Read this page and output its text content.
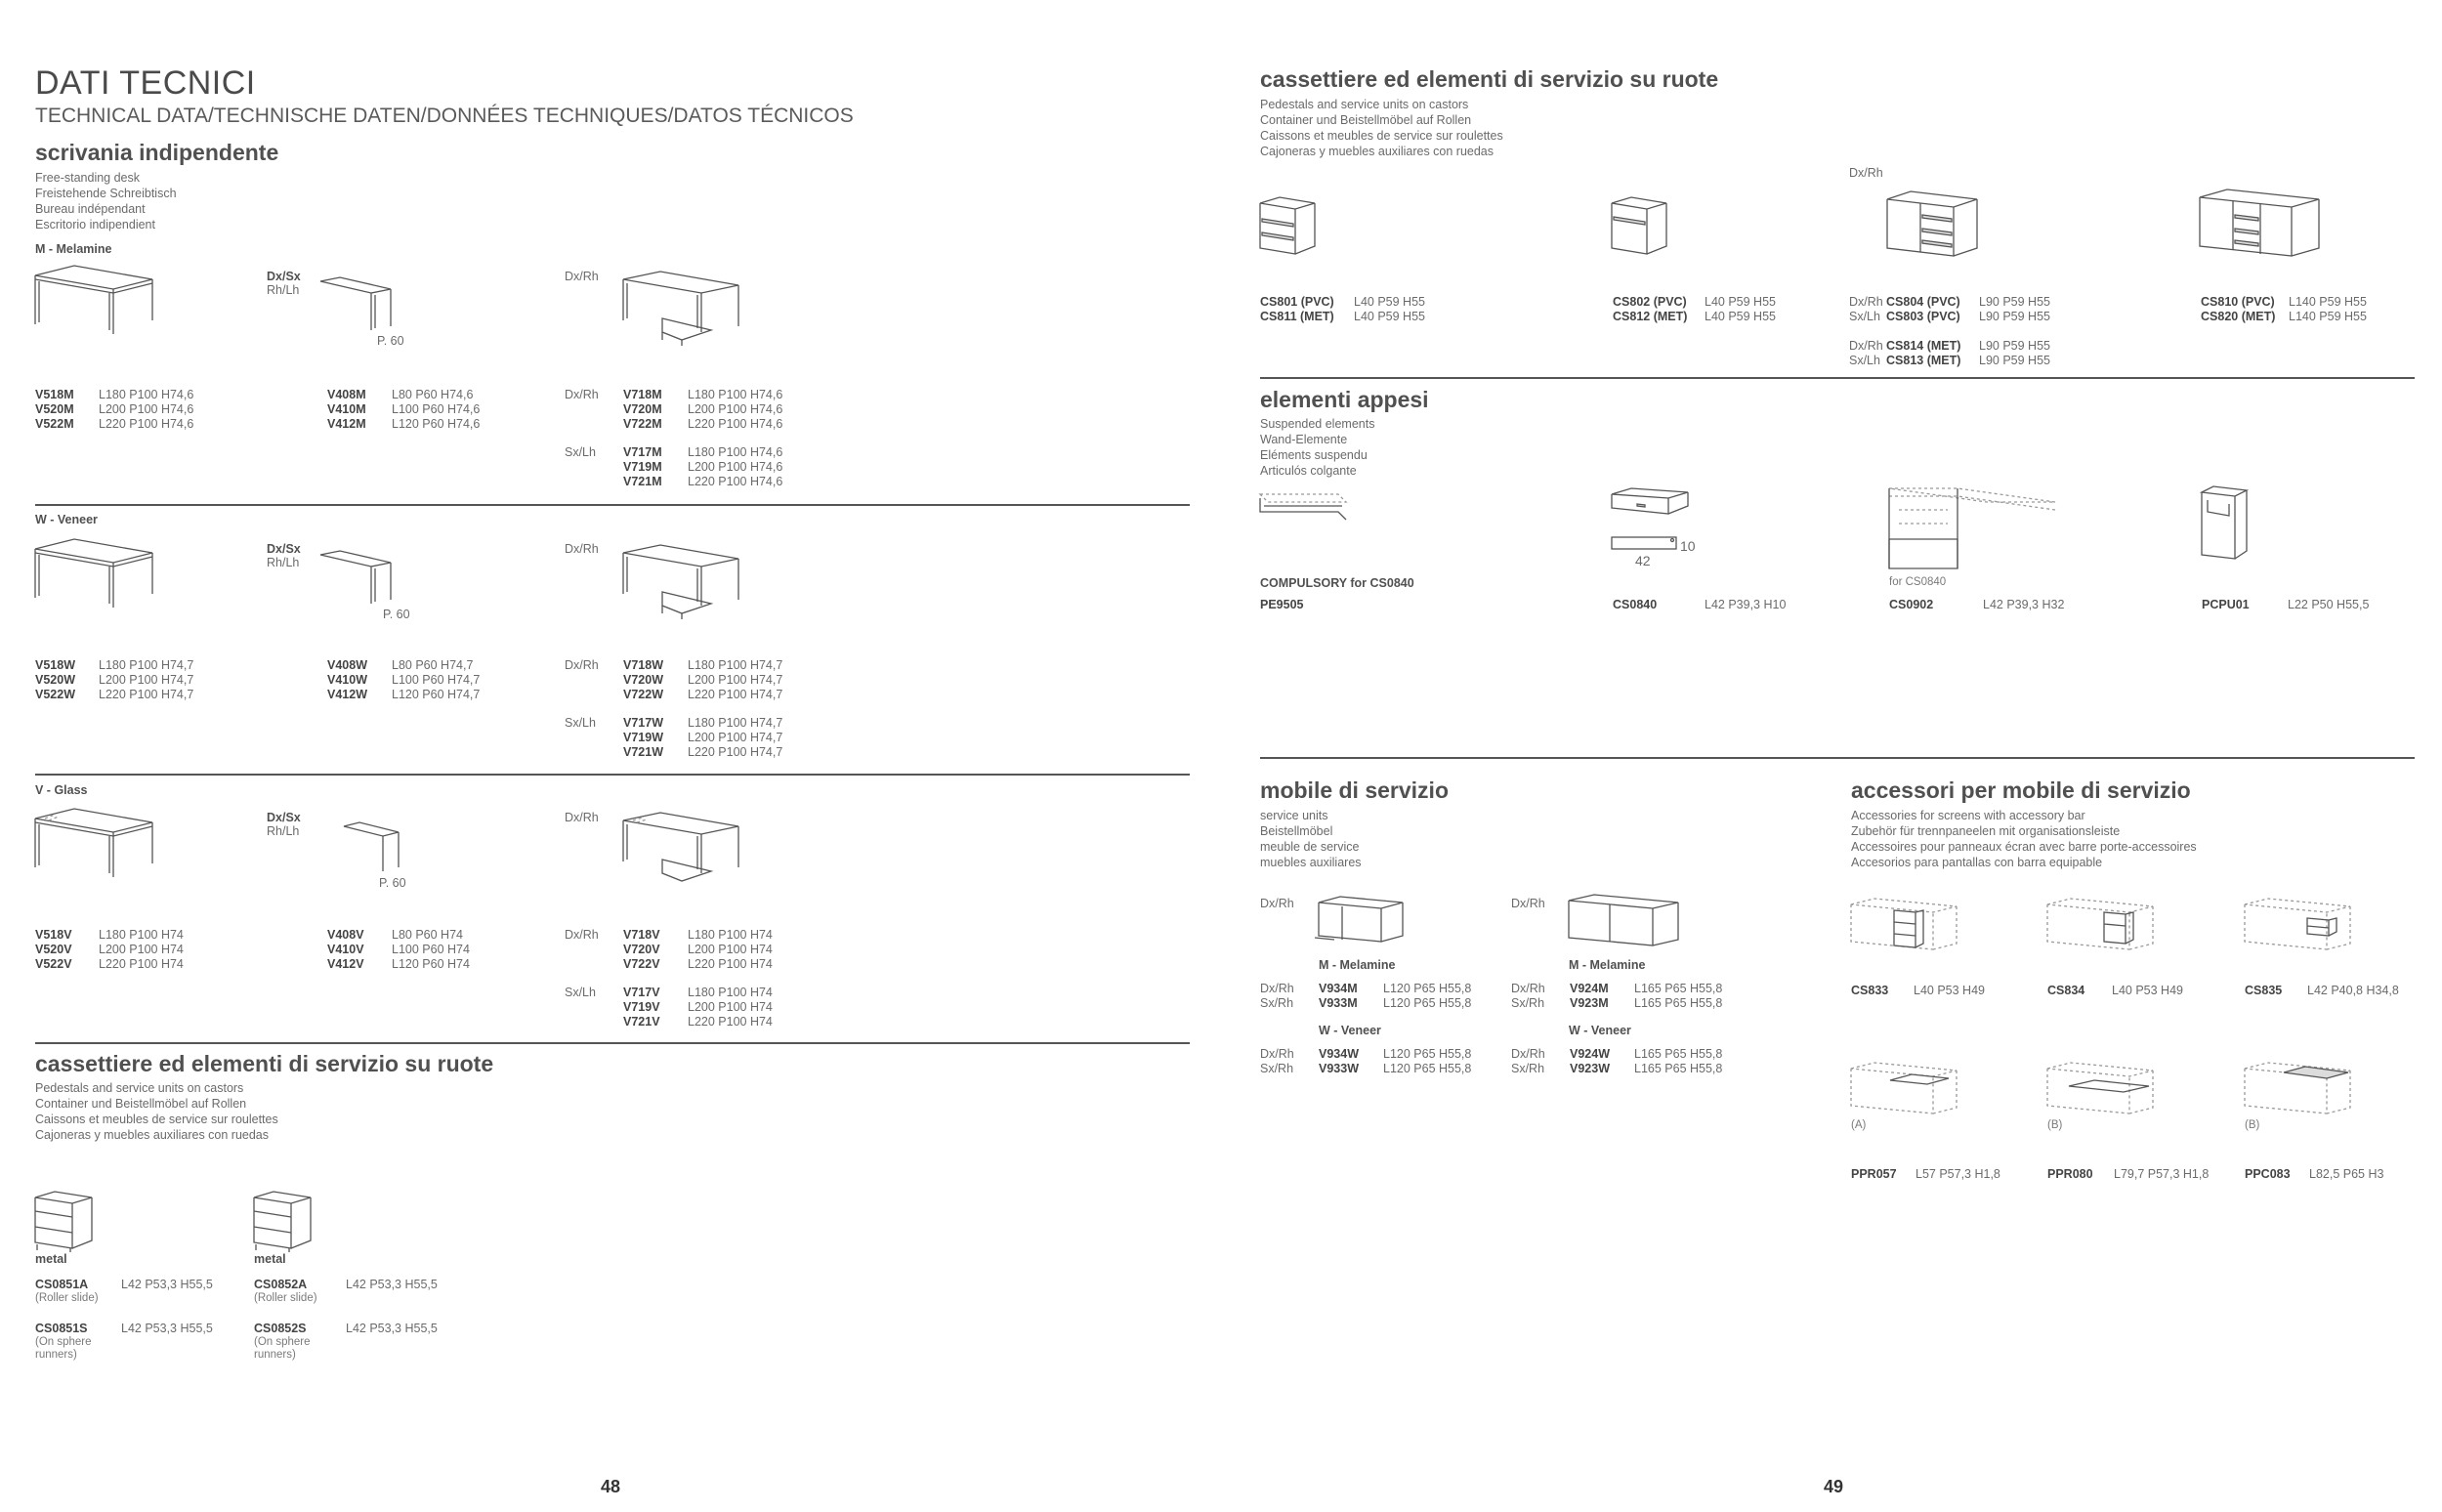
DATI TECNICI
TECHNICAL DATA/TECHNISCHE DATEN/DONNÉES TECHNIQUES/DATOS TÉCNICOS
scrivania indipendente
Free-standing desk
Freistehende Schreibtisch
Bureau indépendant
Escritorio indipendient
M - Melamine
Dx/Sx
Rh/Lh
P. 60
Dx/Rh
V518M	L180 P100 H74,6
V520M	L200 P100 H74,6
V522M	L220 P100 H74,6
V408M	L80 P60 H74,6
V410M	L100 P60 H74,6
V412M	L120 P60 H74,6
Dx/Rh V718M	L180 P100 H74,6
V720M	L200 P100 H74,6
V722M	L220 P100 H74,6
Sx/Lh V717M	L180 P100 H74,6
V719M	L200 P100 H74,6
V721M	L220 P100 H74,6
W - Veneer
Dx/Sx
Rh/Lh
P. 60
Dx/Rh
V518W	L180 P100 H74,7
V520W	L200 P100 H74,7
V522W	L220 P100 H74,7
V408W	L80 P60 H74,7
V410W	L100 P60 H74,7
V412W	L120 P60 H74,7
Dx/Rh V718W	L180 P100 H74,7
V720W	L200 P100 H74,7
V722W	L220 P100 H74,7
Sx/Lh V717W	L180 P100 H74,7
V719W	L200 P100 H74,7
V721W	L220 P100 H74,7
V - Glass
Dx/Sx
Rh/Lh
P. 60
Dx/Rh
V518V	L180 P100 H74
V520V	L200 P100 H74
V522V	L220 P100 H74
V408V	L80 P60 H74
V410V	L100 P60 H74
V412V	L120 P60 H74
Dx/Rh V718V	L180 P100 H74
V720V	L200 P100 H74
V722V	L220 P100 H74
Sx/Lh V717V	L180 P100 H74
V719V	L200 P100 H74
V721V	L220 P100 H74
cassettiere ed elementi di servizio su ruote
Pedestals and service units on castors
Container und Beistellmöbel auf Rollen
Caissons et meubles de service sur roulettes
Cajoneras y muebles auxiliares con ruedas
metal
CS0851A	L42 P53,3 H55,5
(Roller slide)
CS0851S	L42 P53,3 H55,5
(On sphere runners)
metal
CS0852A	L42 P53,3 H55,5
(Roller slide)
CS0852S	L42 P53,3 H55,5
(On sphere runners)
48
cassettiere ed elementi di servizio su ruote
Pedestals and service units on castors
Container und Beistellmöbel auf Rollen
Caissons et meubles de service sur roulettes
Cajoneras y muebles auxiliares con ruedas
Dx/Rh
CS801 (PVC)	L40 P59 H55
CS811 (MET)	L40 P59 H55
CS802 (PVC)	L40 P59 H55
CS812 (MET)	L40 P59 H55
Dx/Rh CS804 (PVC)	L90 P59 H55
Sx/Lh CS803 (PVC)	L90 P59 H55
Dx/Rh CS814 (MET)	L90 P59 H55
Sx/Lh CS813 (MET)	L90 P59 H55
CS810 (PVC)	L140 P59 H55
CS820 (MET)	L140 P59 H55
elementi appesi
Suspended elements
Wand-Elemente
Eléments suspendu
Articulós colgante
COMPULSORY for CS0840
PE9505
42
10
CS0840	L42 P39,3 H10
for CS0840
CS0902	L42 P39,3 H32	PCPU01	L22 P50 H55,5
mobile di servizio
service units
Beistellmöbel
meuble de service
muebles auxiliares
Dx/Rh
M - Melamine
Dx/Rh	V934M	L120 P65 H55,8
Sx/Rh	V933M	L120 P65 H55,8
W - Veneer
Dx/Rh	V934W	L120 P65 H55,8
Sx/Rh	V933W	L120 P65 H55,8
Dx/Rh
M - Melamine
Dx/Rh	V924M	L165 P65 H55,8
Sx/Rh	V923M	L165 P65 H55,8
W - Veneer
Dx/Rh	V924W	L165 P65 H55,8
Sx/Rh	V923W	L165 P65 H55,8
accessori per mobile di servizio
Accessories for screens with accessory bar
Zubehör für trennpaneelen mit organisationsleiste
Accessoires pour panneaux écran avec barre porte-accessoires
Accesorios para pantallas con barra equipable
CS833	L40 P53 H49	CS834	L40 P53 H49	CS835	L42 P40,8 H34,8
(A)	(B)	(B)
PPR057	L57 P57,3 H1,8	PPR080	L79,7 P57,3 H1,8	PPC083	L82,5 P65 H3
49
